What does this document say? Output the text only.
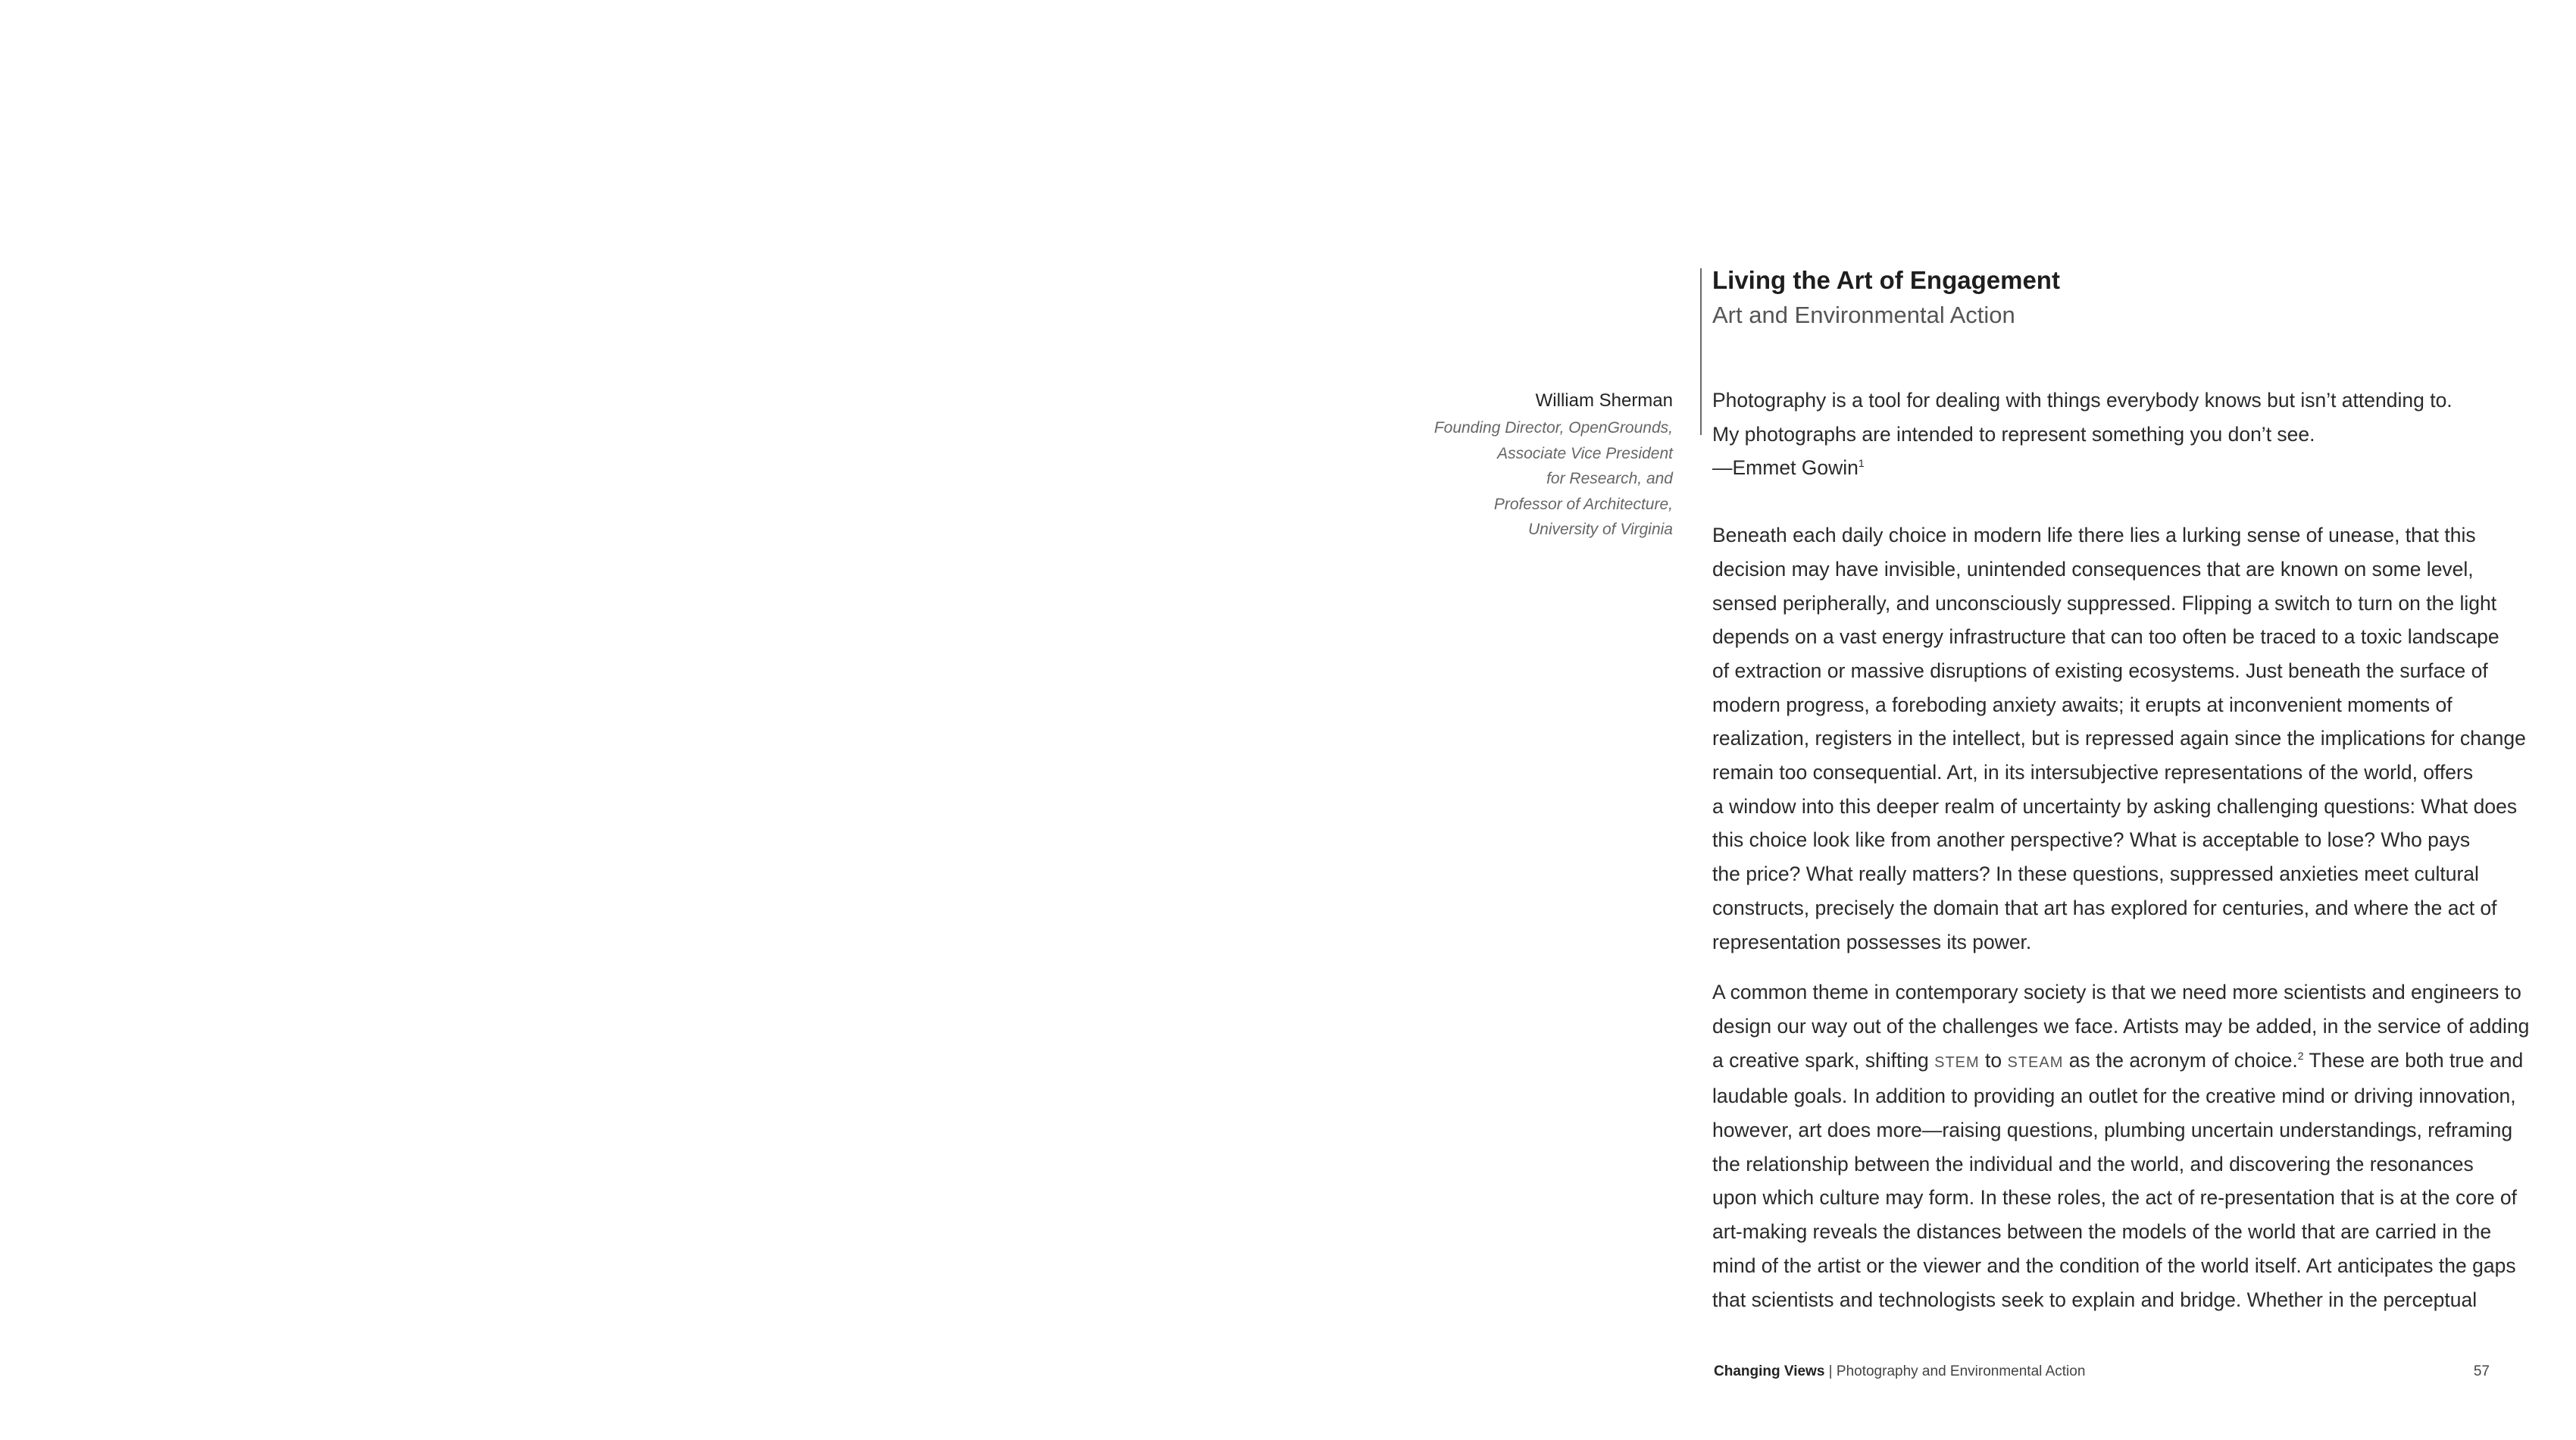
Living the Art of Engagement
Art and Environmental Action
William Sherman
Founding Director, OpenGrounds,
Associate Vice President
for Research, and
Professor of Architecture,
University of Virginia
Photography is a tool for dealing with things everybody knows but isn’t attending to.
My photographs are intended to represent something you don’t see.
—Emmet Gowin$^1$
Beneath each daily choice in modern life there lies a lurking sense of unease, that this
decision may have invisible, unintended consequences that are known on some level,
sensed peripherally, and unconsciously suppressed. Flipping a switch to turn on the light
depends on a vast energy infrastructure that can too often be traced to a toxic landscape
of extraction or massive disruptions of existing ecosystems. Just beneath the surface of
modern progress, a foreboding anxiety awaits; it erupts at inconvenient moments of
realization, registers in the intellect, but is repressed again since the implications for change
remain too consequential. Art, in its intersubjective representations of the world, offers
a window into this deeper realm of uncertainty by asking challenging questions: What does
this choice look like from another perspective? What is acceptable to lose? Who pays
the price? What really matters? In these questions, suppressed anxieties meet cultural
constructs, precisely the domain that art has explored for centuries, and where the act of
representation possesses its power.
A common theme in contemporary society is that we need more scientists and engineers to
design our way out of the challenges we face. Artists may be added, in the service of adding
a creative spark, shifting STEM to STEAM as the acronym of choice.$^2$ These are both true and
laudable goals. In addition to providing an outlet for the creative mind or driving innovation,
however, art does more—raising questions, plumbing uncertain understandings, reframing
the relationship between the individual and the world, and discovering the resonances
upon which culture may form. In these roles, the act of re-presentation that is at the core of
art-making reveals the distances between the models of the world that are carried in the
mind of the artist or the viewer and the condition of the world itself. Art anticipates the gaps
that scientists and technologists seek to explain and bridge. Whether in the perceptual
Changing Views | Photography and Environmental Action	57
